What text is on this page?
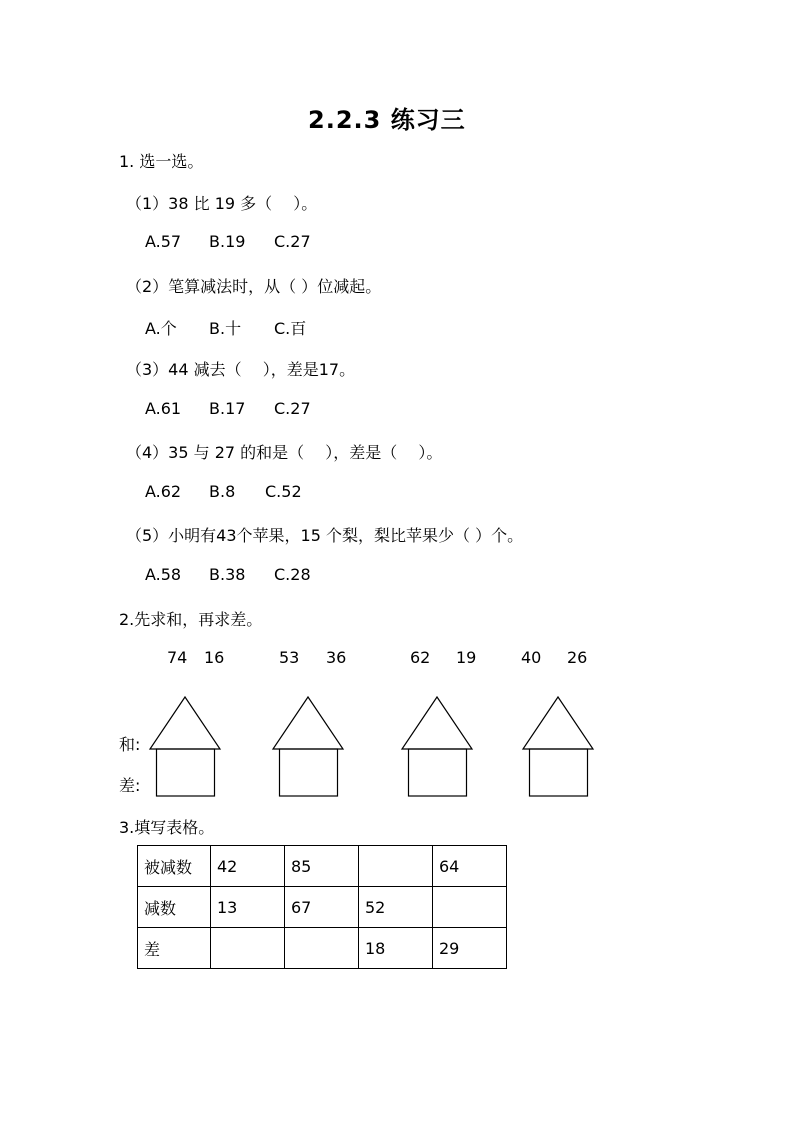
2.2.3 练习三
1. 选一选。
（1）38 比 19 多（　 ）。
A.57 B.19 C.27
（2）笔算减法时，从（ ）位减起。
A.个 B.十 C.百
（3）44 减去（　 ），差是17。
A.61 B.17 C.27
（4）35 与 27 的和是（　 ），差是（　 ）。
A.62 B.8 C.52
（5）小明有43个苹果，15 个梨，梨比苹果少（ ）个。
A.58 B.38 C.28
2.先求和，再求差。
74 16	53 36	62 19	40 26
和:
差:
3.填写表格。
被减数	42	85		64
减数	13	67	52	
差			18	29
